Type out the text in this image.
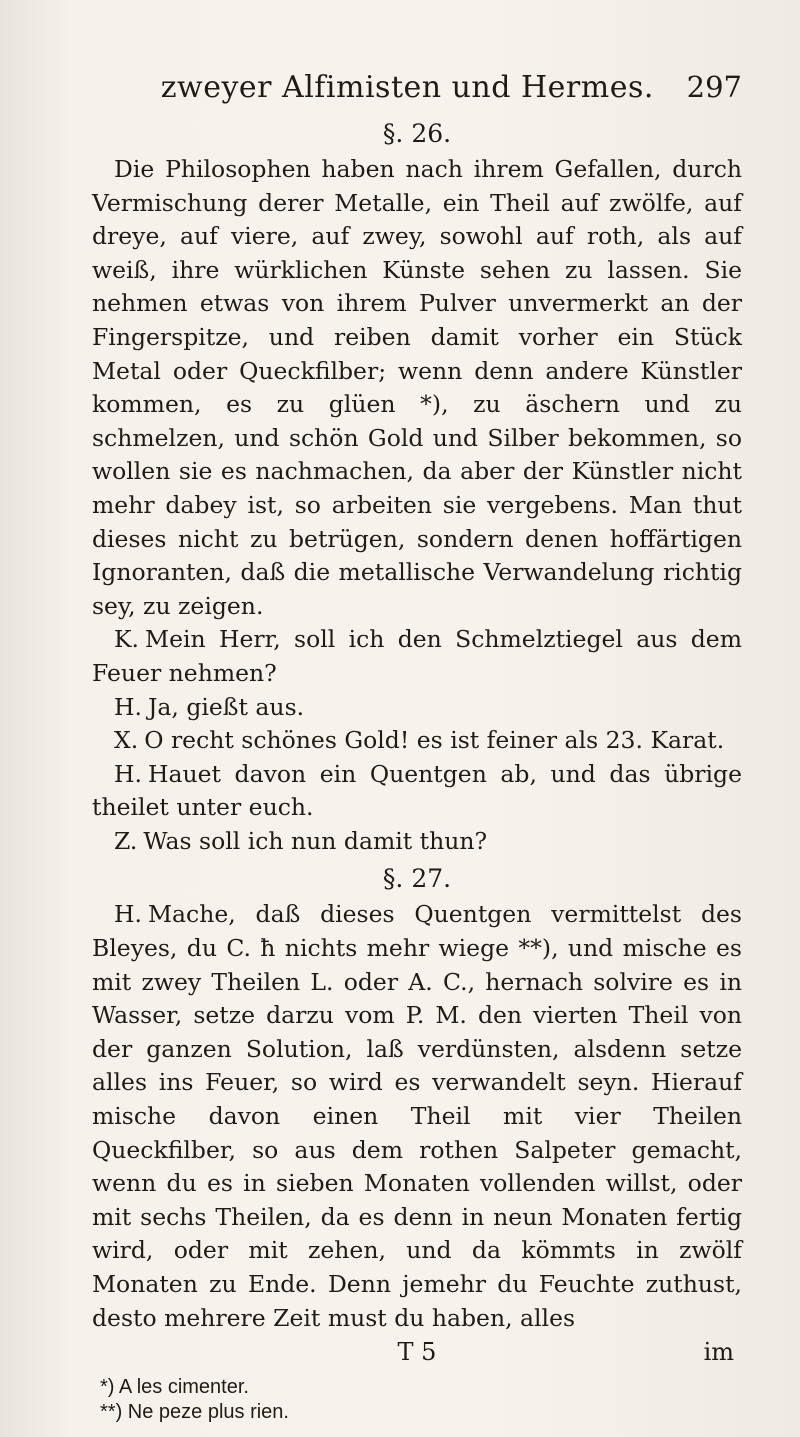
zweyer Alfimisten und Hermes.	297
§. 26.

Die Philosophen haben nach ihrem Gefallen, durch Vermischung derer Metalle, ein Theil auf zwölfe, auf dreye, auf viere, auf zwey, sowohl auf roth, als auf weiß, ihre würklichen Künste sehen zu lassen. Sie nehmen etwas von ihrem Pulver unvermerkt an der Fingerspitze, und reiben damit vorher ein Stück Metal oder Queckfilber; wenn denn andere Künstler kommen, es zu glüen *), zu äschern und zu schmelzen, und schön Gold und Silber bekommen, so wollen sie es nachmachen, da aber der Künstler nicht mehr dabey ist, so arbeiten sie vergebens. Man thut dieses nicht zu betrügen, sondern denen hoffärtigen Ignoranten, daß die metallische Verwandelung richtig sey, zu zeigen.

K. Mein Herr, soll ich den Schmelztiegel aus dem Feuer nehmen?

H. Ja, gießt aus.

X. O recht schönes Gold! es ist feiner als 23. Karat.

H. Hauet davon ein Quentgen ab, und das übrige theilet unter euch.

Z. Was soll ich nun damit thun?

§. 27.

H. Mache, daß dieses Quentgen vermittelst des Bleyes, du C. ħ nichts mehr wiege **), und mische es mit zwey Theilen L. oder A. C., hernach solvire es in Wasser, setze darzu vom P. M. den vierten Theil von der ganzen Solution, laß verdünsten, alsdenn setze alles ins Feuer, so wird es verwandelt seyn. Hierauf mische davon einen Theil mit vier Theilen Queckfilber, so aus dem rothen Salpeter gemacht, wenn du es in sieben Monaten vollenden willst, oder mit sechs Theilen, da es denn in neun Monaten fertig wird, oder mit zehen, und da kömmts in zwölf Monaten zu Ende. Denn jemehr du Feuchte zuthust, desto mehrere Zeit must du haben, alles

T 5	im
*) A les cimenter.
**) Ne peze plus rien.
